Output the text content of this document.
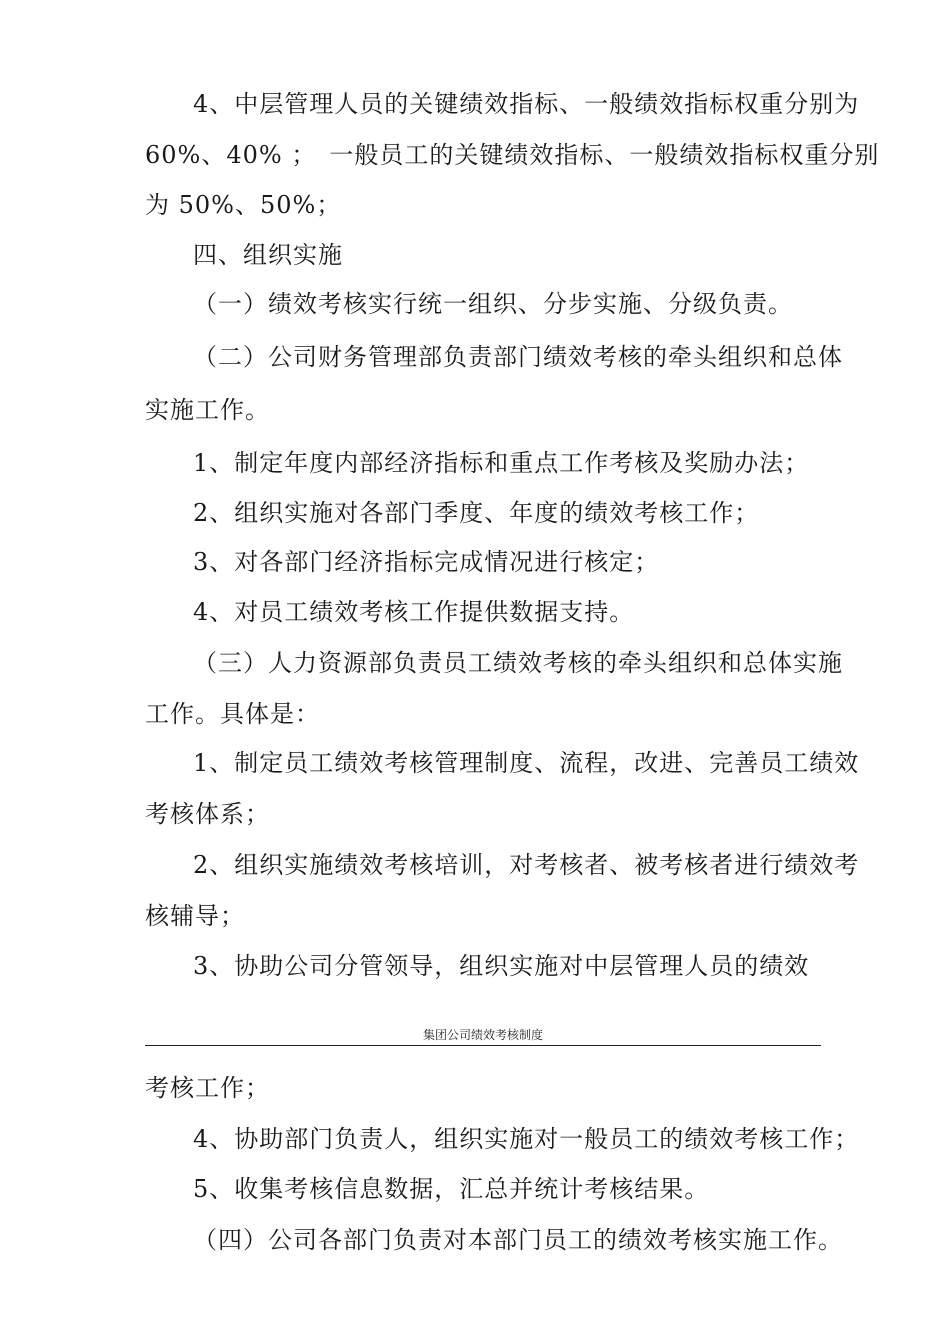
4、中层管理人员的关键绩效指标、一般绩效指标权重分别为
60%、40% ；　一般员工的关键绩效指标、一般绩效指标权重分别
为 50%、50%；
四、组织实施
（一）绩效考核实行统一组织、分步实施、分级负责。
（二）公司财务管理部负责部门绩效考核的牵头组织和总体
实施工作。
1、制定年度内部经济指标和重点工作考核及奖励办法；
2、组织实施对各部门季度、年度的绩效考核工作；
3、对各部门经济指标完成情况进行核定；
4、对员工绩效考核工作提供数据支持。
（三）人力资源部负责员工绩效考核的牵头组织和总体实施
工作。具体是：
1、制定员工绩效考核管理制度、流程，改进、完善员工绩效
考核体系；
2、组织实施绩效考核培训，对考核者、被考核者进行绩效考
核辅导；
3、协助公司分管领导，组织实施对中层管理人员的绩效
集团公司绩效考核制度
考核工作；
4、协助部门负责人，组织实施对一般员工的绩效考核工作；
5、收集考核信息数据，汇总并统计考核结果。
（四）公司各部门负责对本部门员工的绩效考核实施工作。
